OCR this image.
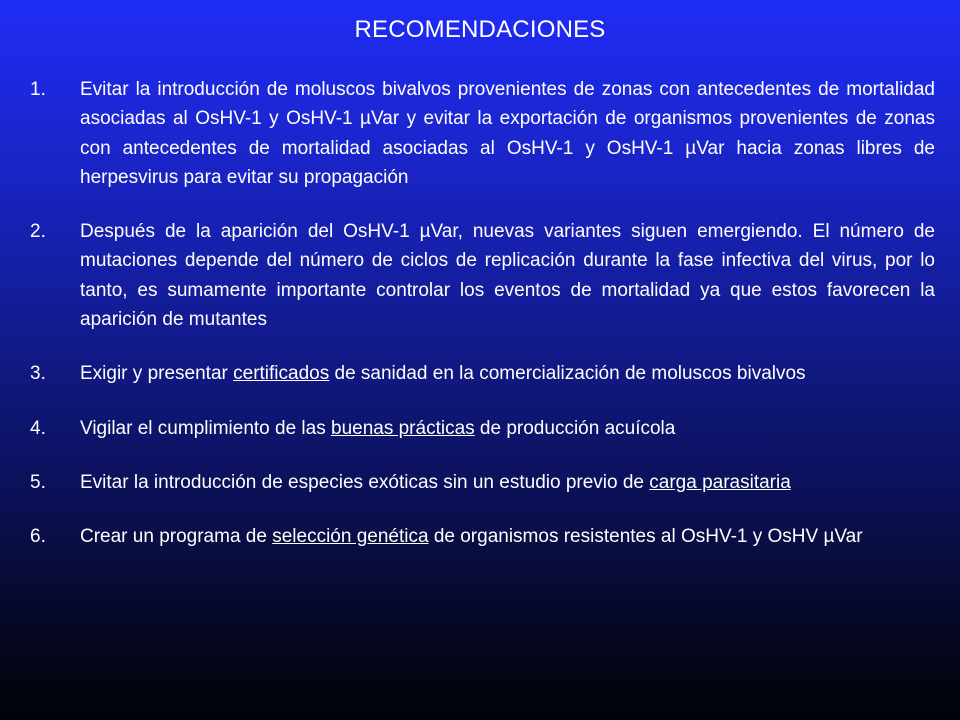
RECOMENDACIONES
1. Evitar la introducción de moluscos bivalvos provenientes de zonas con antecedentes de mortalidad asociadas al OsHV-1 y OsHV-1 µVar y evitar la exportación de organismos provenientes de zonas con antecedentes de mortalidad asociadas al OsHV-1 y OsHV-1 µVar hacia zonas libres de herpesvirus para evitar su propagación
2. Después de la aparición del OsHV-1 µVar, nuevas variantes siguen emergiendo. El número de mutaciones depende del número de ciclos de replicación durante la fase infectiva del virus, por lo tanto, es sumamente importante controlar los eventos de mortalidad ya que estos favorecen la aparición de mutantes
3. Exigir y presentar certificados de sanidad en la comercialización de moluscos bivalvos
4. Vigilar el cumplimiento de las buenas prácticas de producción acuícola
5. Evitar la introducción de especies exóticas sin un estudio previo de carga parasitaria
6. Crear un programa de selección genética de organismos resistentes al OsHV-1 y OsHV µVar
